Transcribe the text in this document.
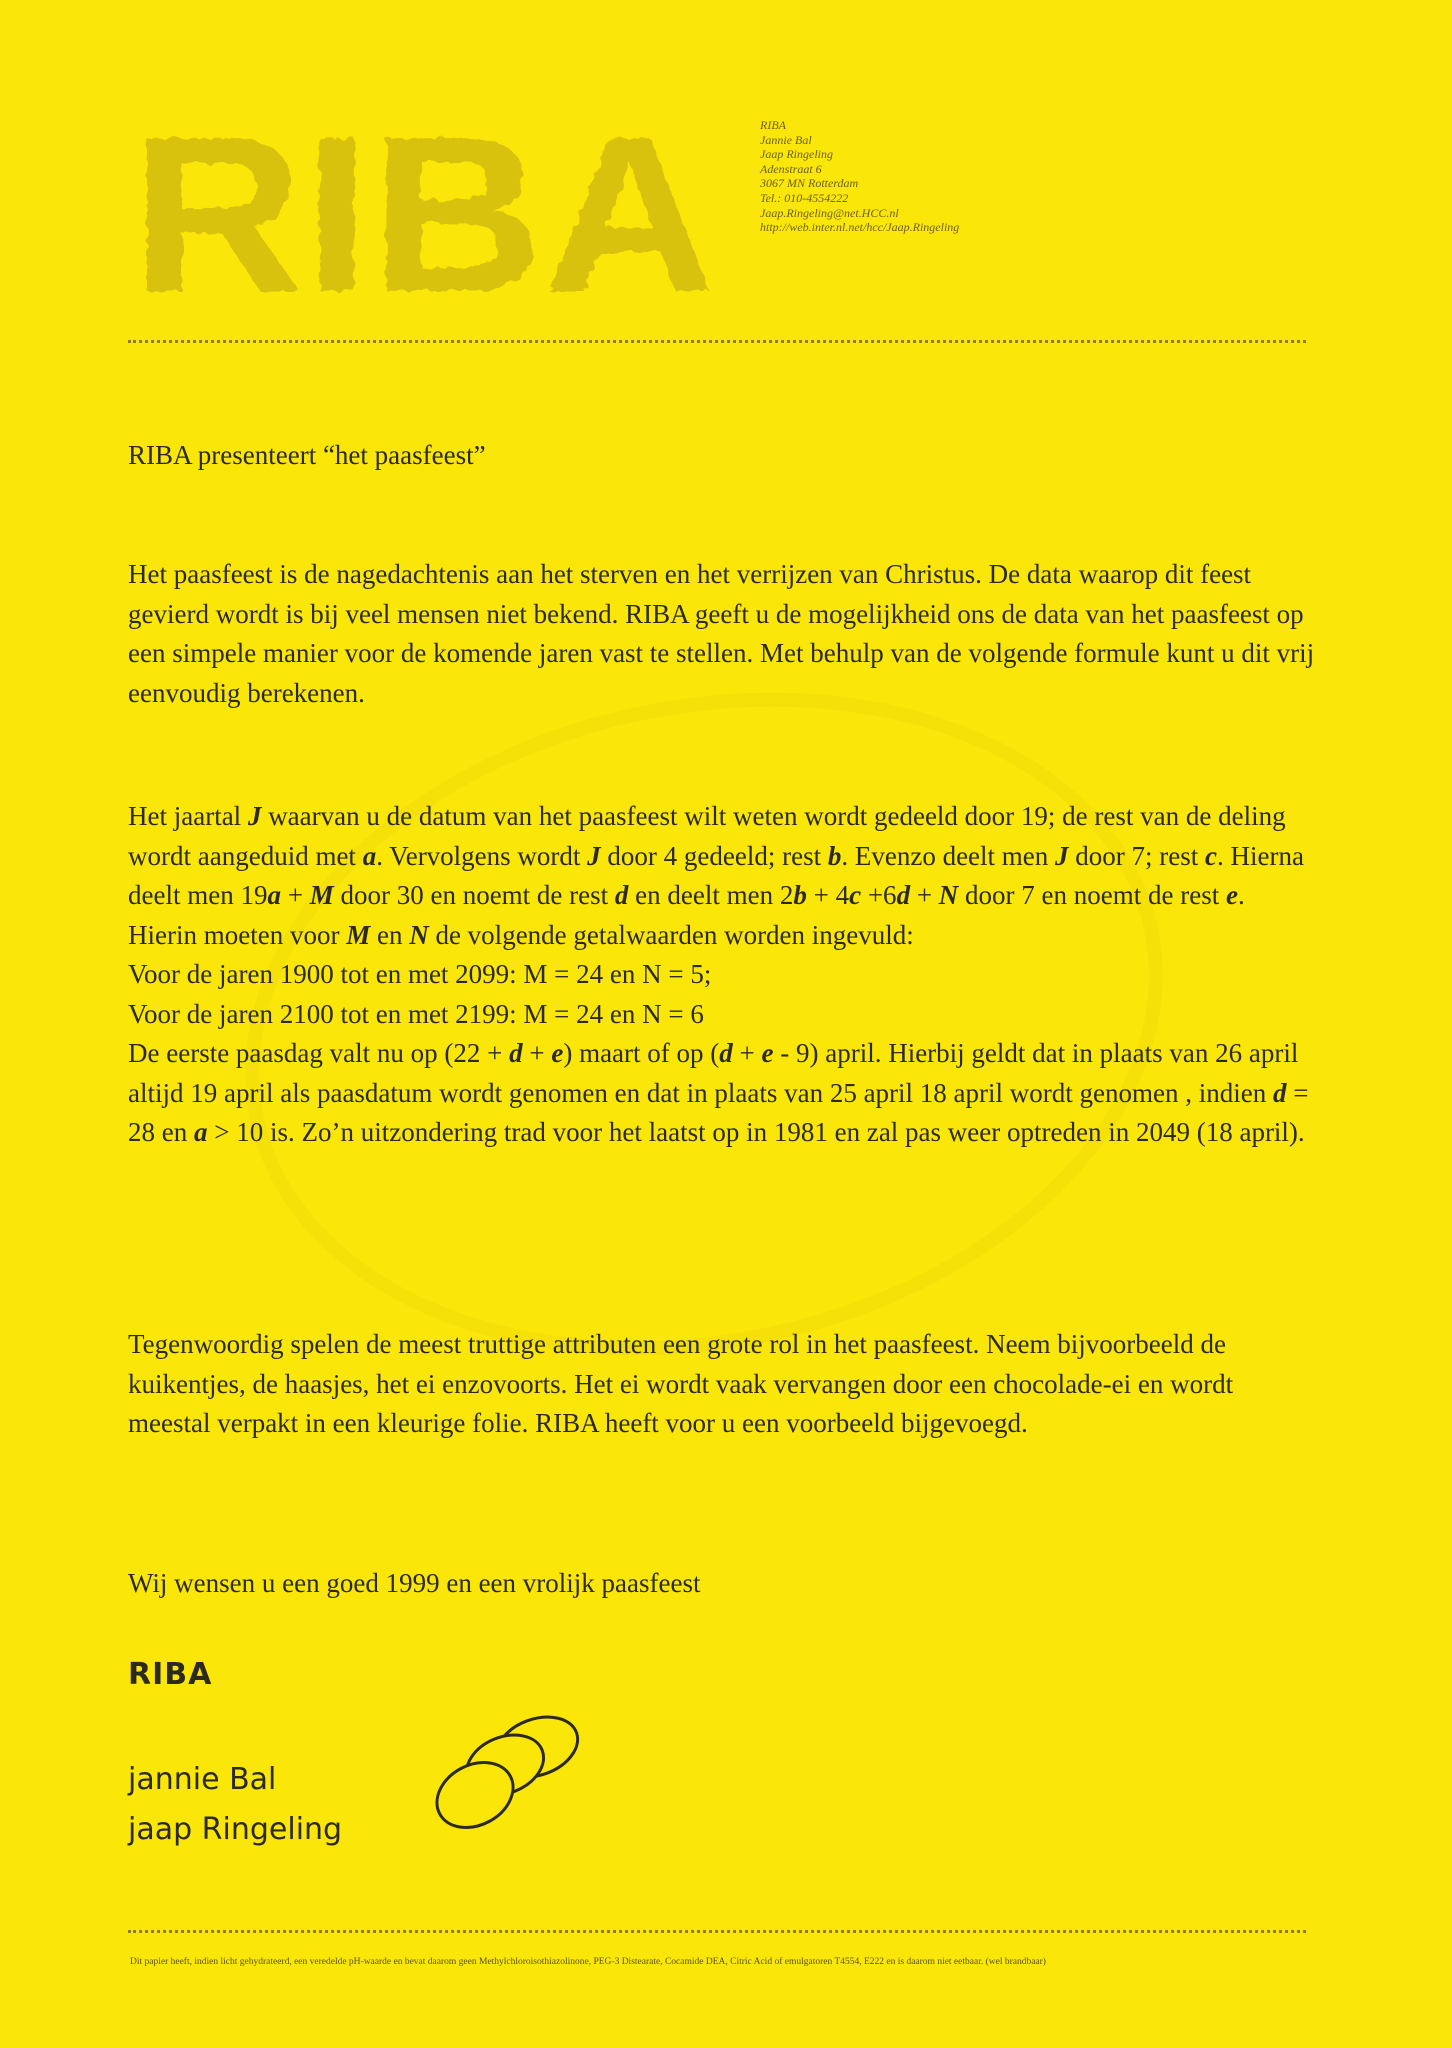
RIBA	RIBA
Jannie Bal
Jaap Ringeling
Adenstraat 6
3067 MN Rotterdam
Tel.: 010-4554222
Jaap.Ringeling@net.HCC.nl
http://web.inter.nl.net/hcc/Jaap.Ringeling
RIBA presenteert “het paasfeest”
Het paasfeest is de nagedachtenis aan het sterven en het verrijzen van Christus. De data waarop dit feest gevierd wordt is bij veel mensen niet bekend. RIBA geeft u de mogelijkheid ons de data van het paasfeest op een simpele manier voor de komende jaren vast te stellen. Met behulp van de volgende formule kunt u dit vrij eenvoudig berekenen.
Het jaartal J waarvan u de datum van het paasfeest wilt weten wordt gedeeld door 19; de rest van de deling wordt aangeduid met a. Vervolgens wordt J door 4 gedeeld; rest b. Evenzo deelt men J door 7; rest c. Hierna deelt men 19a + M door 30 en noemt de rest d en deelt men 2b + 4c +6d + N door 7 en noemt de rest e.
Hierin moeten voor M en N de volgende getalwaarden worden ingevuld:
Voor de jaren 1900 tot en met 2099: M = 24 en N = 5;
Voor de jaren 2100 tot en met 2199: M = 24 en N = 6
De eerste paasdag valt nu op (22 + d + e) maart of op (d + e - 9) april. Hierbij geldt dat in plaats van 26 april altijd 19 april als paasdatum wordt genomen en dat in plaats van 25 april 18 april wordt genomen , indien d = 28 en a > 10 is. Zo’n uitzondering trad voor het laatst op in 1981 en zal pas weer optreden in 2049 (18 april).
Tegenwoordig spelen de meest truttige attributen een grote rol in het paasfeest. Neem bijvoorbeeld de kuikentjes, de haasjes, het ei enzovoorts. Het ei wordt vaak vervangen door een chocolade-ei en wordt meestal verpakt in een kleurige folie. RIBA heeft voor u een voorbeeld bijgevoegd.
Wij wensen u een goed 1999 en een vrolijk paasfeest
RIBA
jannie Bal
jaap Ringeling
Dit papier heeft, indien licht gehydrateerd, een veredelde pH-waarde en bevat daarom geen Methylchloroisothiazolinone, PEG-3 Distearate, Cocamide DEA, Citric Acid of emulgatoren T4554, E222 en is daarom niet eetbaar. (wel brandbaar)
